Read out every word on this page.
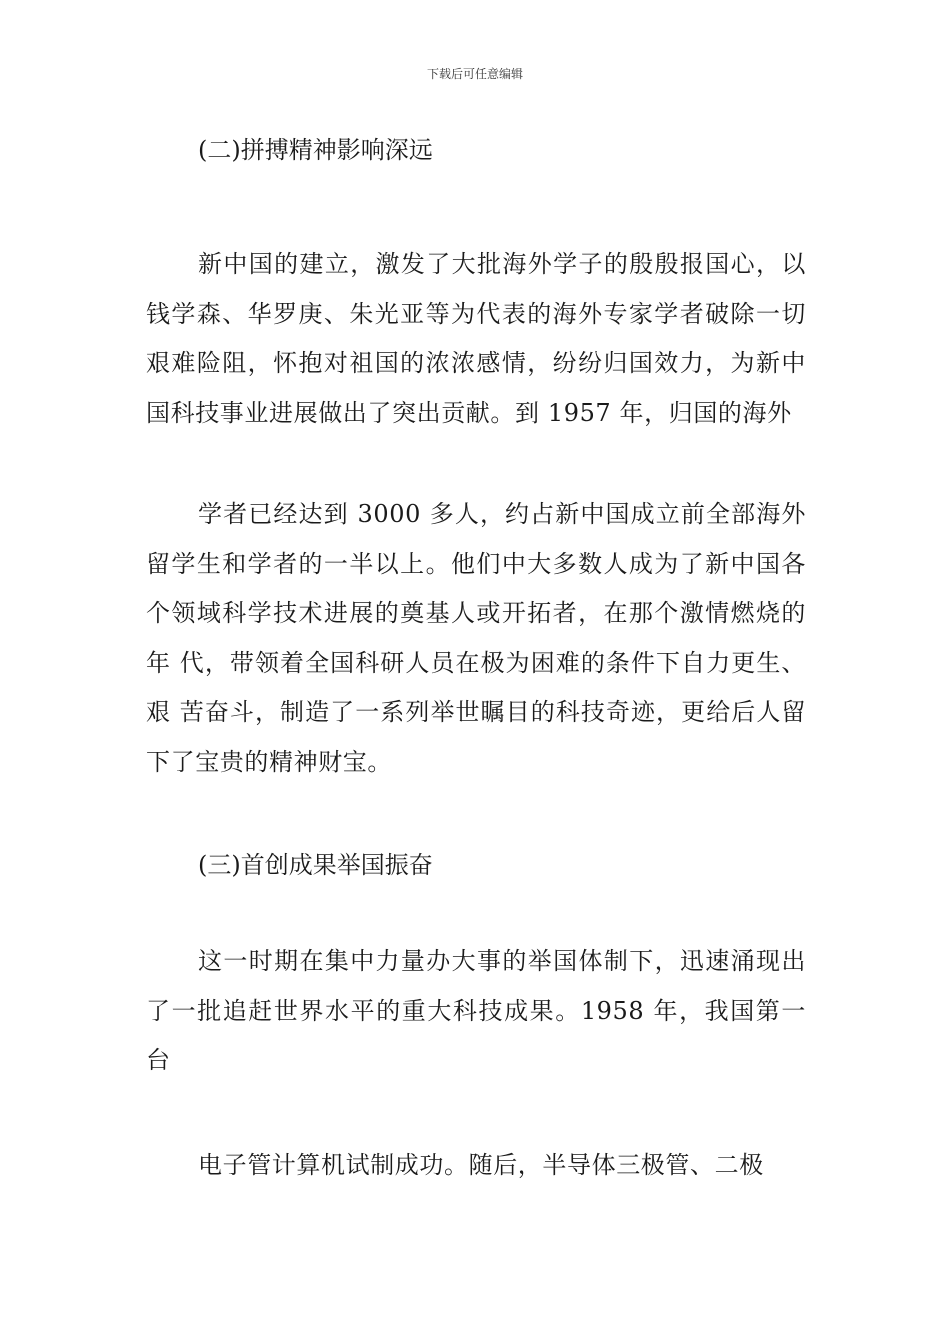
下载后可任意编辑
(二)拼搏精神影响深远

新中国的建立，激发了大批海外学子的殷殷报国心，以钱学森、华罗庚、朱光亚等为代表的海外专家学者破除一切艰难险阻，怀抱对祖国的浓浓感情，纷纷归国效力，为新中 国科技事业进展做出了突出贡献。到 1957 年，归国的海外

学者已经达到 3000 多人，约占新中国成立前全部海外留学生和学者的一半以上。他们中大多数人成为了新中国各个领域科学技术进展的奠基人或开拓者，在那个激情燃烧的年 代，带领着全国科研人员在极为困难的条件下自力更生、艰 苦奋斗，制造了一系列举世瞩目的科技奇迹，更给后人留下了宝贵的精神财宝。

(三)首创成果举国振奋

这一时期在集中力量办大事的举国体制下，迅速涌现出了一批追赶世界水平的重大科技成果。1958 年，我国第一台

电子管计算机试制成功。随后，半导体三极管、二极
